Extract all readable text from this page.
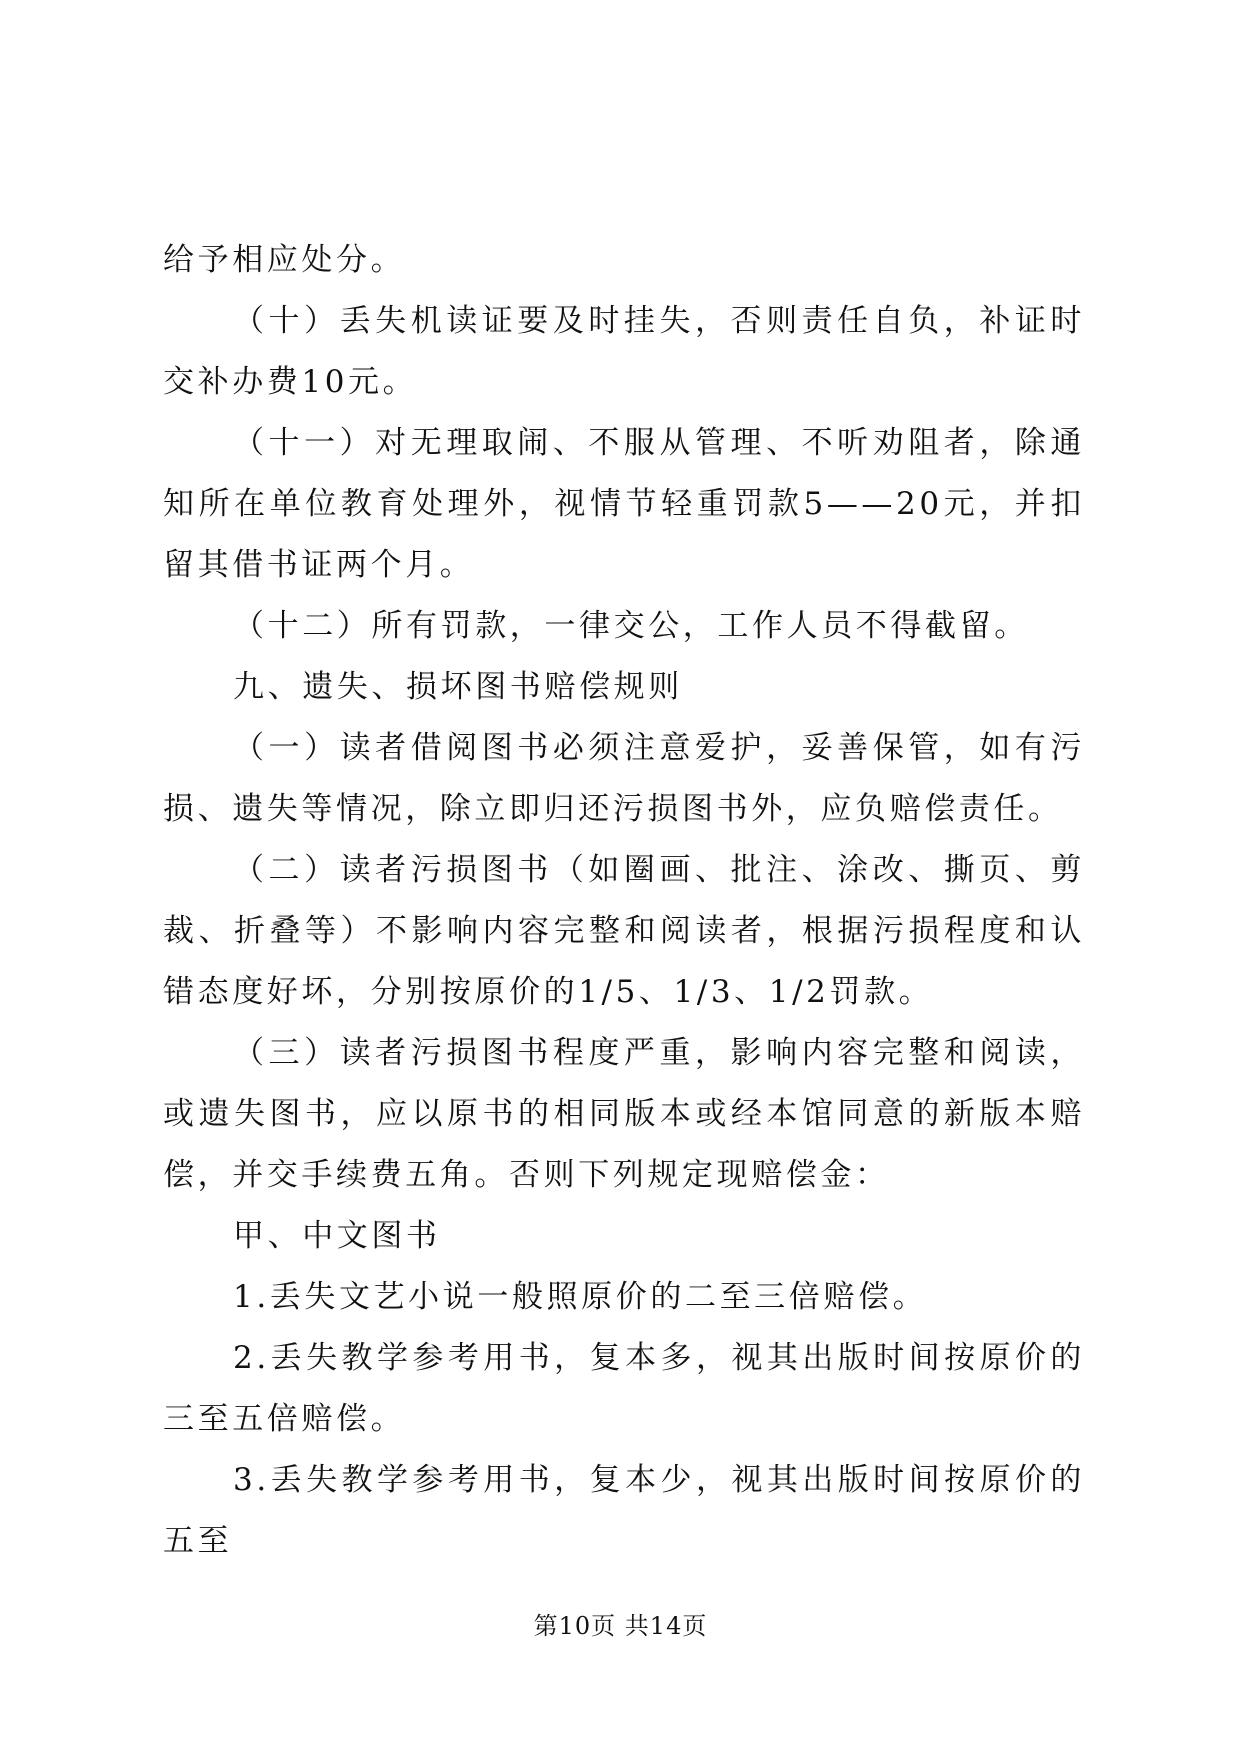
给予相应处分。

（十）丢失机读证要及时挂失，否则责任自负，补证时交补办费10元。

（十一）对无理取闹、不服从管理、不听劝阻者，除通知所在单位教育处理外，视情节轻重罚款5——20元，并扣留其借书证两个月。

（十二）所有罚款，一律交公，工作人员不得截留。

九、遗失、损坏图书赔偿规则

（一）读者借阅图书必须注意爱护，妥善保管，如有污损、遗失等情况，除立即归还污损图书外，应负赔偿责任。

（二）读者污损图书（如圈画、批注、涂改、撕页、剪裁、折叠等）不影响内容完整和阅读者，根据污损程度和认错态度好坏，分别按原价的1/5、1/3、1/2罚款。

（三）读者污损图书程度严重，影响内容完整和阅读，或遗失图书，应以原书的相同版本或经本馆同意的新版本赔偿，并交手续费五角。否则下列规定现赔偿金：

甲、中文图书

1.丢失文艺小说一般照原价的二至三倍赔偿。

2.丢失教学参考用书，复本多，视其出版时间按原价的三至五倍赔偿。

3.丢失教学参考用书，复本少，视其出版时间按原价的五至

第10页 共14页
